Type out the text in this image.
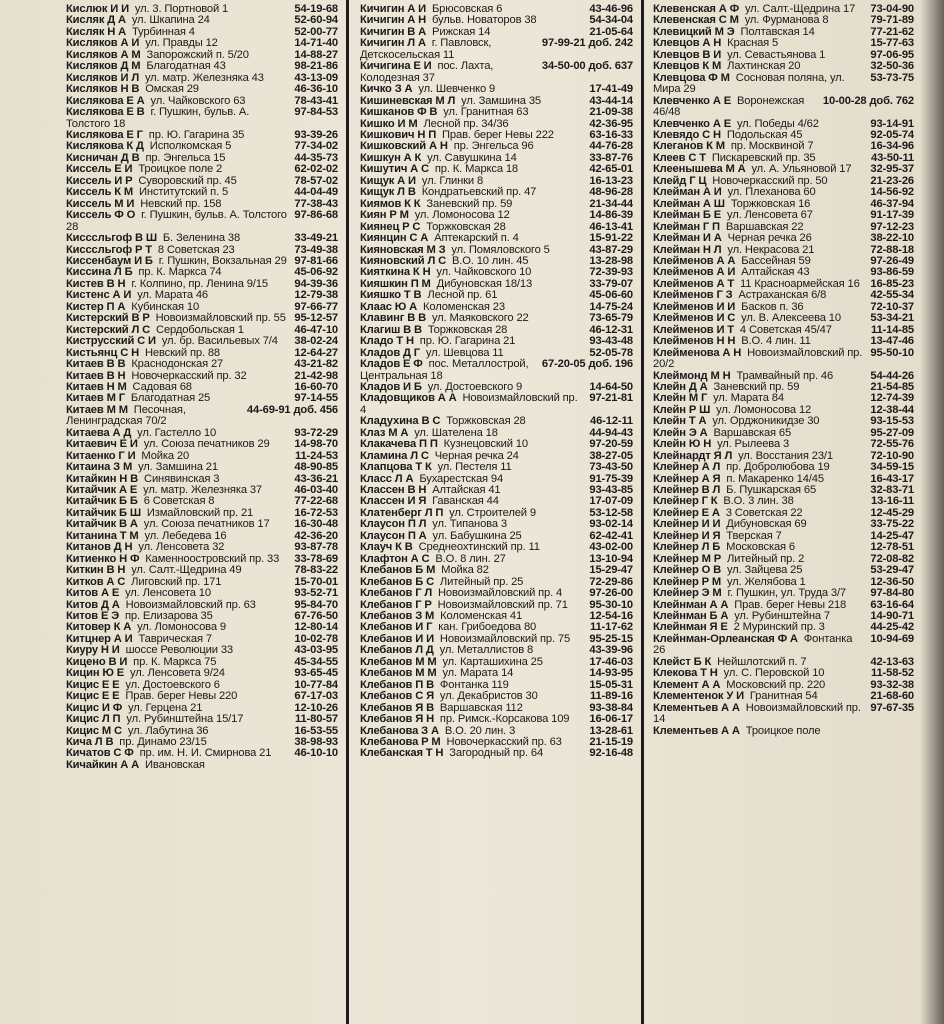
54-19-68
Кислюк И И ул. 3. Портновой 1
52-60-94
Кисляк Д А ул. Шкапина 24
52-00-77
Кисляк Н А Турбинная 4
14-71-40
Кисляков А И ул. Правды 12
14-88-27
Кисляков А М Запорожский п. 5/20
98-21-86
Кисляков Д М Благодатная 43
43-13-09
Кисляков И Л ул. матр. Железняка 43
46-36-10
Кисляков Н В Омская 29
78-43-41
Кислякова Е А ул. Чайковского 63
97-84-53
Кислякова Е В г. Пушкин, бульв. А. Толстого 18
93-39-26
Кислякова Е Г пр. Ю. Гагарина 35
77-34-02
Кислякова К Д Исполкомская 5
44-35-73
Кисничан Д В пр. Энгельса 15
62-02-02
Киссель Е И Троицкое поле 2
78-57-02
Киссель И Р Суворовский пр. 45
44-04-49
Киссель К М Институтский п. 5
77-38-43
Киссель М И Невский пр. 158
97-86-68
Киссель Ф О г. Пушкин, бульв. А. Толстого 28
33-49-21
Кисссльгоф В Ш Б. Зеленина 38
73-49-38
Кисссльгоф Р Т 8 Советская 23
97-81-66
Киссенбаум И Б г. Пушкин, Вокзальная 29
45-06-92
Киссина Л Б пр. К. Маркса 74
94-39-36
Кистев В Н г. Колпино, пр. Ленина 9/15
12-79-38
Кистенс А И ул. Марата 46
97-66-77
Кистер П А Кубинская 10
95-12-57
Кистерский В Р Новоизмайловский пр. 55
46-47-10
Кистерский Л С Сердобольская 1
38-02-24
Киструсский С И ул. бр. Васильевых 7/4
12-64-27
Кистьянц С Н Невский пр. 88
43-21-82
Китаев В В Краснодонская 27
21-42-98
Китаев В Н Новочеркасский пр. 32
16-60-70
Китаев Н М Садовая 68
97-14-55
Китаев М Г Благодатная 25
44-69-91 доб. 456
Китаев М М Песочная, Ленинградская 70/2
93-72-29
Китаева А Д ул. Гастелло 10
14-98-70
Китаевич Е И ул. Союза печатников 29
11-24-53
Китаенко Г И Мойка 20
48-90-85
Китаина З М ул. Замшина 21
43-36-21
Китайкин Н В Синявинская 3
46-03-40
Китайчик А Е ул. матр. Железняка 37
77-22-68
Китайчик Б Б 6 Советская 8
16-72-53
Китайчик Б Ш Измайловский пр. 21
16-30-48
Китайчик В А ул. Союза печатников 17
42-36-20
Китанина Т М ул. Лебедева 16
93-87-78
Китанов Д Н ул. Ленсовета 32
33-78-69
Китиенко Н Ф Каменноостровский пр. 33
78-83-22
Киткин В Н ул. Салт.-Щедрина 49
15-70-01
Китков А С Лиговский пр. 171
93-52-71
Китов А Е ул. Ленсовета 10
95-84-70
Китов Д А Новоизмайловский пр. 63
67-76-50
Китов Е Э пр. Елизарова 35
12-80-14
Китовер К А ул. Ломоносова 9
10-02-78
Китцнер А И Таврическая 7
43-03-95
Киуру Н И шоссе Революции 33
45-34-55
Кицено В И пр. К. Маркса 75
93-65-45
Кицин Ю Е ул. Ленсовета 9/24
10-77-84
Кицис Е Е ул. Достоевского 6
67-17-03
Кицис Е Е Прав. берег Невы 220
12-10-26
Кицис И Ф ул. Герцена 21
11-80-57
Кицис Л П ул. Рубинштейна 15/17
16-53-55
Кицис М С ул. Лабутина 36
38-98-93
Кича Л В пр. Динамо 23/15
46-10-10
Кичатов С Ф пр. им. Н. И. Смирнова 21
Кичайкин А А Ивановская
43-46-96
Кичигин А И Брюсовская 6
54-34-04
Кичигин А Н бульв. Новаторов 38
21-05-64
Кичигин В А Рижская 14
97-99-21 доб. 242
Кичигин Л А г. Павловск, Детскосельская 11
34-50-00 доб. 637
Кичигина Е И пос. Лахта, Колодезная 37
17-41-49
Кичко З А ул. Шевченко 9
43-44-14
Кишиневская М Л ул. Замшина 35
21-09-38
Кишканов Ф В ул. Гранитная 63
42-36-95
Кишко И М Лесной пр. 34/36
63-16-33
Кишкович Н П Прав. берег Невы 222
44-76-28
Кишковский А Н пр. Энгельса 96
33-87-76
Кишкун А К ул. Савушкина 14
42-65-01
Кишутич А С пр. К. Маркса 18
16-13-23
Кищук А И ул. Глинки 8
48-96-28
Кищук Л В Кондратьевский пр. 47
21-34-44
Киямов К К Заневский пр. 59
14-86-39
Киян Р М ул. Ломоносова 12
46-13-41
Киянец Р С Торжковская 28
15-91-22
Киянцин С А Аптекарский п. 4
43-87-29
Кияновская М З ул. Помяловского 5
13-28-98
Кияновский Л С В.О. 10 лин. 45
72-39-93
Кияткина К Н ул. Чайковского 10
33-79-07
Кияшкин П М Дибуновская 18/13
45-06-60
Кияшко Т В Лесной пр. 61
14-75-24
Клаас Ю А Коломенская 23
73-65-79
Клавинг В В ул. Маяковского 22
46-12-31
Клагиш В В Торжковская 28
93-43-48
Кладо Т Н пр. Ю. Гагарина 21
52-05-78
Кладов Д Г ул. Шевцова 11
67-20-05 доб. 196
Кладов Е Ф пос. Металлострой, Центральная 18
14-64-50
Кладов И Б ул. Достоевского 9
97-21-81
Кладовщиков А А Новоизмайловский пр. 4
46-12-11
Кладухина В С Торжковская 28
44-94-43
Клаз М А ул. Шателена 18
97-20-59
Клакачева П П Кузнецовский 10
38-27-05
Кламина Л С Черная речка 24
73-43-50
Клапцова Т К ул. Пестеля 11
91-75-39
Класс Л А Бухарестская 94
93-43-85
Классен В Н Алтайская 41
17-07-09
Классен И Я Гаванская 44
53-12-58
Клатенберг Л П ул. Строителей 9
93-02-14
Клаусон П Л ул. Типанова 3
62-42-41
Клаусон П А ул. Бабушкина 25
43-02-00
Клауч К В Среднеохтинский пр. 11
13-10-94
Клафтон А С В.О. 8 лин. 27
15-29-47
Клебанов Б М Мойка 82
72-29-86
Клебанов Б С Литейный пр. 25
97-26-00
Клебанов Г Л Новоизмайловский пр. 4
95-30-10
Клебанов Г Р Новоизмайловский пр. 71
12-54-16
Клебанов З М Коломенская 41
11-17-62
Клебанов И Г кан. Грибоедова 80
95-25-15
Клебанов И И Новоизмайловский пр. 75
43-39-96
Клебанов Л Д ул. Металлистов 8
17-46-03
Клебанов М М ул. Карташихина 25
14-93-95
Клебанов М М ул. Марата 14
15-05-31
Клебанов П В Фонтанка 119
11-89-16
Клебанов С Я ул. Декабристов 30
93-38-84
Клебанов Я В Варшавская 112
16-06-17
Клебанов Я Н пр. Римск.-Корсакова 109
13-28-61
Клебанова З А В.О. 20 лин. 3
21-15-19
Клебанова Р М Новочеркасский пр. 63
92-16-48
Клебанская Т Н Загородный пр. 64
73-04-90
Клевенская А Ф ул. Салт.-Щедрина 17
79-71-89
Клевенская С М ул. Фурманова 8
77-21-62
Клевицкий М Э Полтавская 14
15-77-63
Клевцов А Н Красная 5
97-06-95
Клевцов В И ул. Севастьянова 1
32-50-36
Клевцов К М Лахтинская 20
53-73-75
Клевцова Ф М Сосновая поляна, ул. Мира 29
10-00-28 доб. 762
Клевченко А Е Воронежская 46/48
93-14-91
Клевченко А Е ул. Победы 4/62
92-05-74
Клевядо С Н Подольская 45
16-34-96
Клеганов К М пр. Москвиной 7
43-50-11
Клеев С Т Пискаревский пр. 35
32-95-37
Клеенышева М А ул. А. Ульяновой 17
21-23-26
Клейд Г Ц Новочеркасский пр. 50
14-56-92
Клейман А И ул. Плеханова 60
46-37-94
Клейман А Ш Торжковская 16
91-17-39
Клейман Б Е ул. Ленсовета 67
97-12-23
Клейман Г П Варшавская 22
38-22-10
Клейман И А Черная речка 26
72-88-18
Клейман Н Л ул. Некрасова 21
97-26-49
Клейменов А А Бассейная 59
93-86-59
Клейменов А И Алтайская 43
16-85-23
Клейменов А Т 11 Красноармейская 16
42-55-34
Клейменов Г З Астраханская 6/8
72-10-37
Клейменов И И Басков п. 36
53-34-21
Клейменов И С ул. В. Алексеева 10
11-14-85
Клейменов И Т 4 Советская 45/47
13-47-46
Клейменов Н Н В.О. 4 лин. 11
95-50-10
Клейменова А Н Новоизмайловский пр. 20/2
54-44-26
Клеймонд М Н Трамвайный пр. 46
21-54-85
Клейн Д А Заневский пр. 59
12-74-39
Клейн М Г ул. Марата 84
12-38-44
Клейн Р Ш ул. Ломоносова 12
93-15-53
Клейн Т А ул. Орджоникидзе 30
95-27-09
Клейн Э А Варшавская 65
72-55-76
Клейн Ю Н ул. Рылеева 3
72-10-90
Клейнардт Я Л ул. Восстания 23/1
34-59-15
Клейнер А Л пр. Добролюбова 19
16-43-17
Клейнер А Я п. Макаренко 14/45
32-83-71
Клейнер В Л Б. Пушкарская 65
13-16-11
Клейнер Г К В.О. 3 лин. 38
12-45-29
Клейнер Е А 3 Советская 22
33-75-22
Клейнер И И Дибуновская 69
14-25-47
Клейнер И Я Тверская 7
12-78-51
Клейнер Л Б Московская 6
72-08-82
Клейнер М Р Литейный пр. 2
53-29-47
Клейнер О В ул. Зайцева 25
12-36-50
Клейнер Р М ул. Желябова 1
97-84-80
Клейнер Э М г. Пушкин, ул. Труда 3/7
63-16-64
Клейнман А А Прав. берег Невы 218
14-90-71
Клейнман Б А ул. Рубинштейна 7
44-25-42
Клейнман Я Е 2 Муринский пр. 3
10-94-69
Клейнман-Орлеанская Ф А Фонтанка 26
42-13-63
Клейст Б К Нейшлотский п. 7
11-58-52
Клекова Т Н ул. С. Перовской 10
93-32-38
Клемент А А Московский пр. 220
21-68-60
Клементенок У И Гранитная 54
97-67-35
Клементьев А А Новоизмайловский пр. 14
Клементьев А А Троицкое поле
